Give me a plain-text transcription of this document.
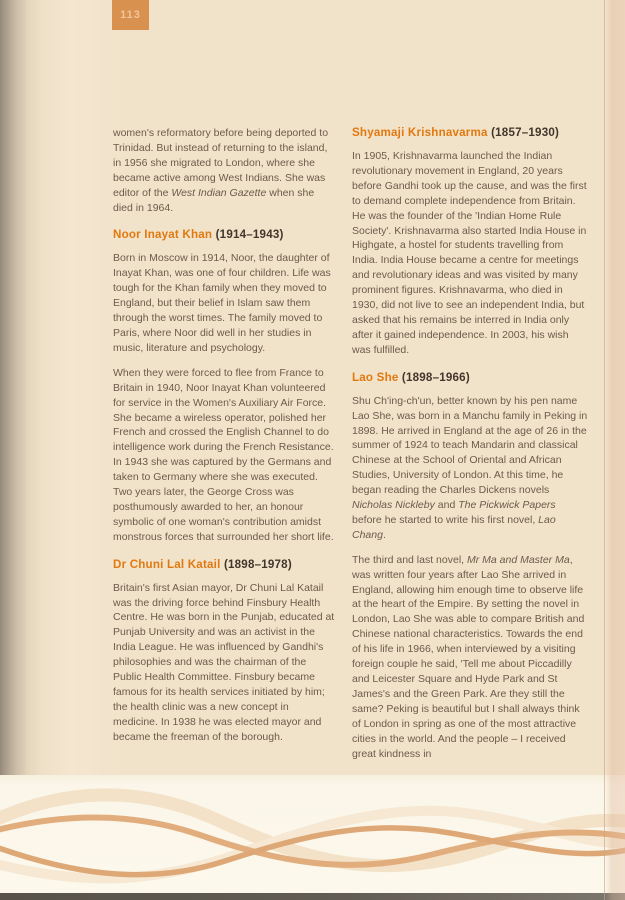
113

women's reformatory before being deported to Trinidad. But instead of returning to the island, in 1956 she migrated to London, where she became active among West Indians. She was editor of the West Indian Gazette when she died in 1964.

Noor Inayat Khan (1914–1943)

Born in Moscow in 1914, Noor, the daughter of Inayat Khan, was one of four children. Life was tough for the Khan family when they moved to England, but their belief in Islam saw them through the worst times. The family moved to Paris, where Noor did well in her studies in music, literature and psychology.

When they were forced to flee from France to Britain in 1940, Noor Inayat Khan volunteered for service in the Women's Auxiliary Air Force. She became a wireless operator, polished her French and crossed the English Channel to do intelligence work during the French Resistance. In 1943 she was captured by the Germans and taken to Germany where she was executed. Two years later, the George Cross was posthumously awarded to her, an honour symbolic of one woman's contribution amidst monstrous forces that surrounded her short life.

Dr Chuni Lal Katail (1898–1978)

Britain's first Asian mayor, Dr Chuni Lal Katail was the driving force behind Finsbury Health Centre. He was born in the Punjab, educated at Punjab University and was an activist in the India League. He was influenced by Gandhi's philosophies and was the chairman of the Public Health Committee. Finsbury became famous for its health services initiated by him; the health clinic was a new concept in medicine. In 1938 he was elected mayor and became the freeman of the borough.

Shyamaji Krishnavarma (1857–1930)

In 1905, Krishnavarma launched the Indian revolutionary movement in England, 20 years before Gandhi took up the cause, and was the first to demand complete independence from Britain. He was the founder of the 'Indian Home Rule Society'. Krishnavarma also started India House in Highgate, a hostel for students travelling from India. India House became a centre for meetings and revolutionary ideas and was visited by many prominent figures. Krishnavarma, who died in 1930, did not live to see an independent India, but asked that his remains be interred in India only after it gained independence. In 2003, his wish was fulfilled.

Lao She (1898–1966)

Shu Ch'ing-ch'un, better known by his pen name Lao She, was born in a Manchu family in Peking in 1898. He arrived in England at the age of 26 in the summer of 1924 to teach Mandarin and classical Chinese at the School of Oriental and African Studies, University of London. At this time, he began reading the Charles Dickens novels Nicholas Nickleby and The Pickwick Papers before he started to write his first novel, Lao Chang.

The third and last novel, Mr Ma and Master Ma, was written four years after Lao She arrived in England, allowing him enough time to observe life at the heart of the Empire. By setting the novel in London, Lao She was able to compare British and Chinese national characteristics. Towards the end of his life in 1966, when interviewed by a visiting foreign couple he said, 'Tell me about Piccadilly and Leicester Square and Hyde Park and St James's and the Green Park. Are they still the same? Peking is beautiful but I shall always think of London in spring as one of the most attractive cities in the world. And the people – I received great kindness in
